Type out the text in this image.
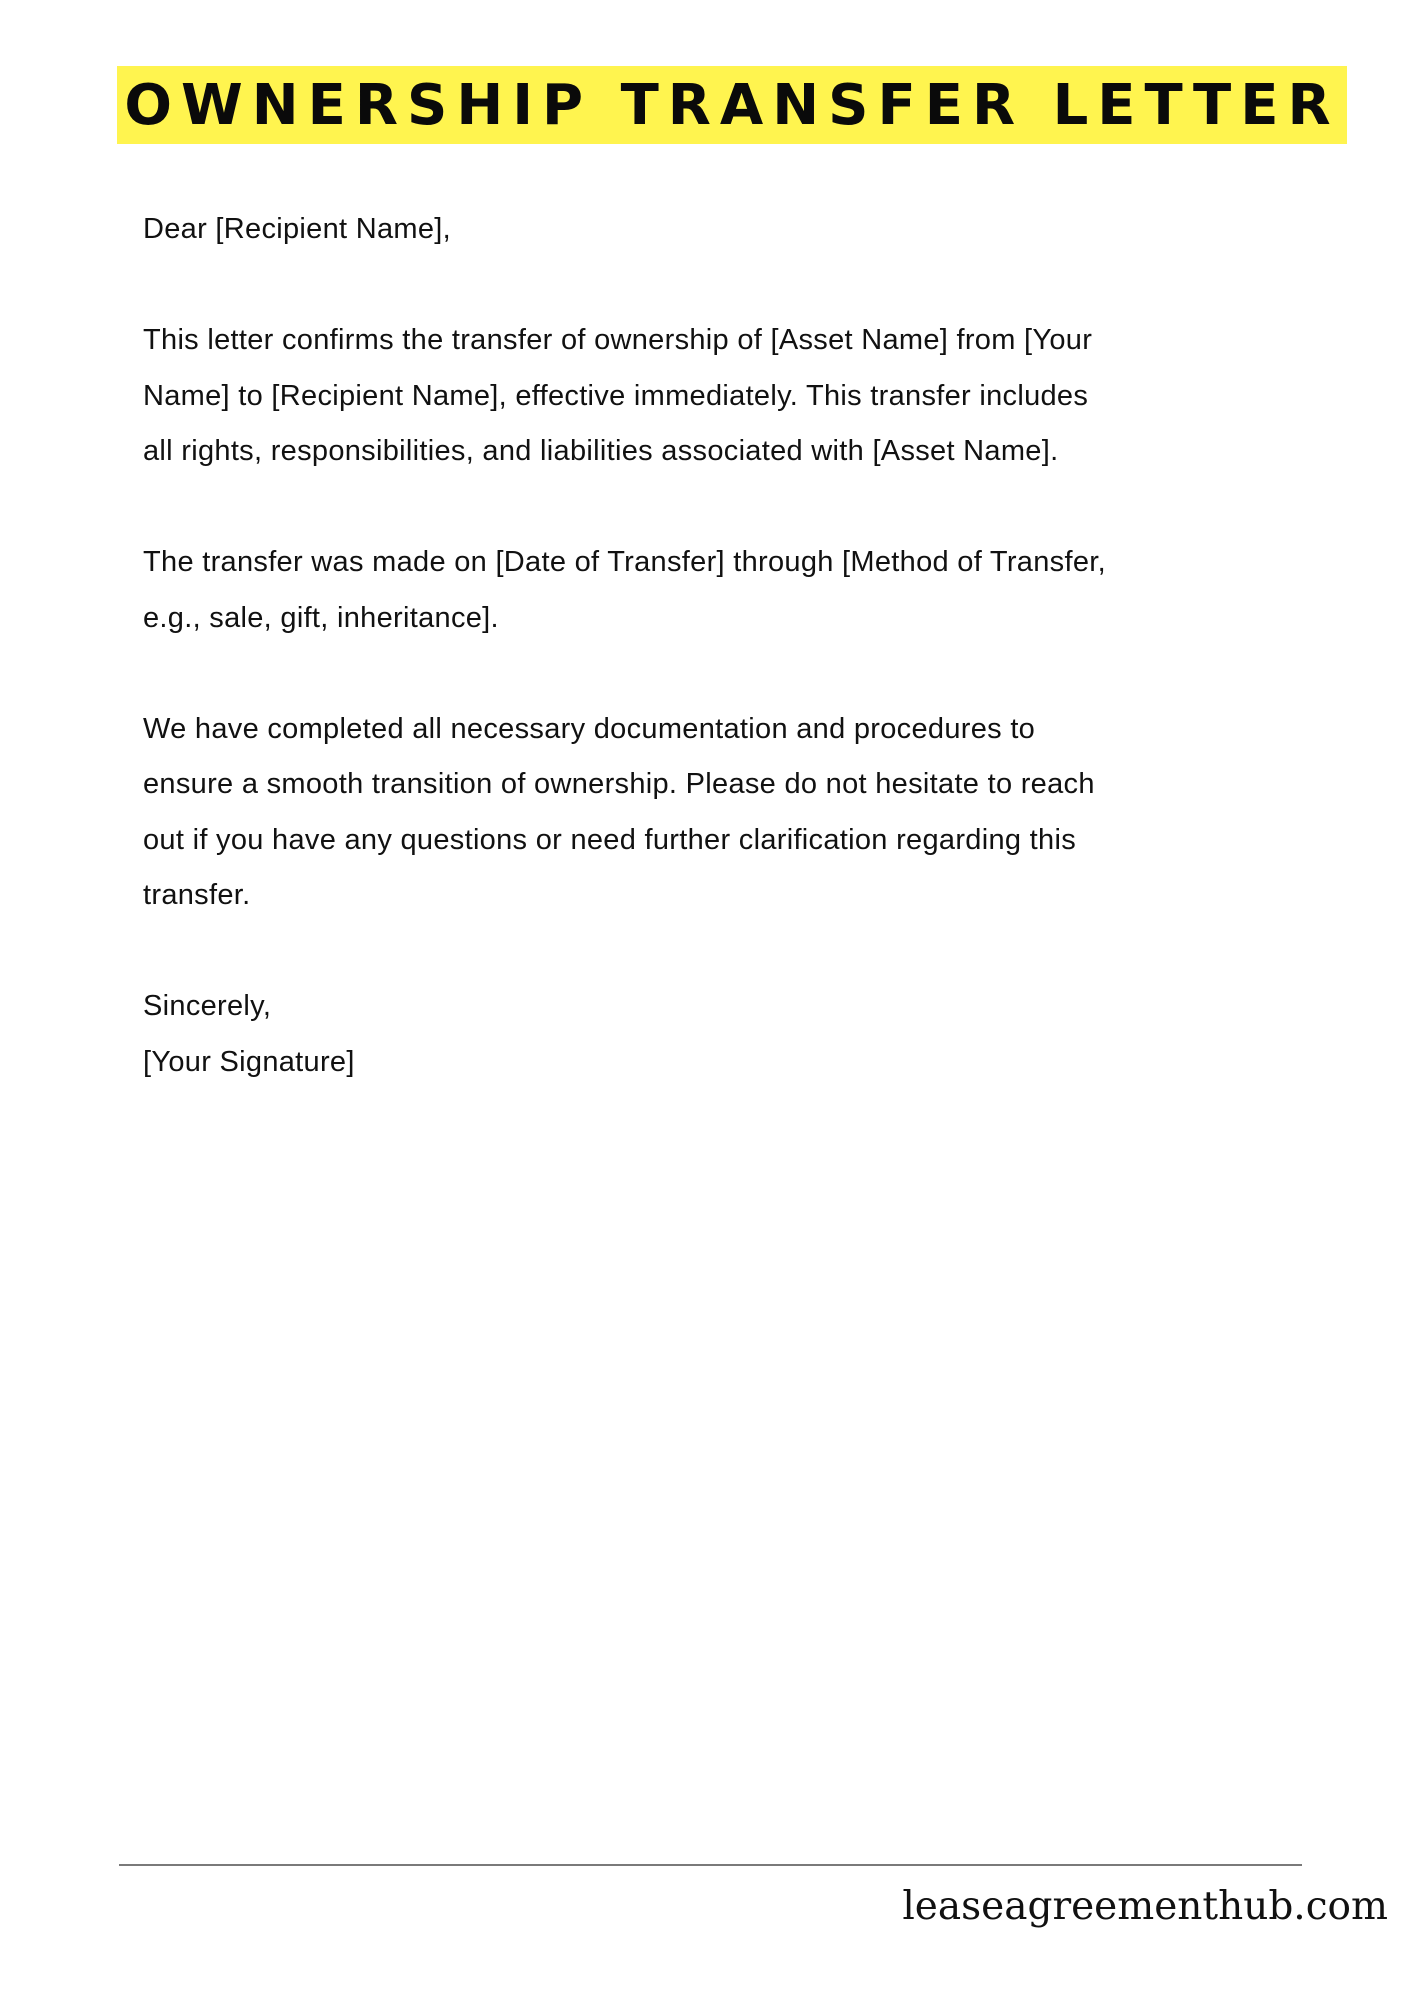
OWNERSHIP TRANSFER LETTER

Dear [Recipient Name],

This letter confirms the transfer of ownership of [Asset Name] from [Your
Name] to [Recipient Name], effective immediately. This transfer includes
all rights, responsibilities, and liabilities associated with [Asset Name].

The transfer was made on [Date of Transfer] through [Method of Transfer,
e.g., sale, gift, inheritance].

We have completed all necessary documentation and procedures to
ensure a smooth transition of ownership. Please do not hesitate to reach
out if you have any questions or need further clarification regarding this
transfer.

Sincerely,
[Your Signature]

leaseagreementhub.com
